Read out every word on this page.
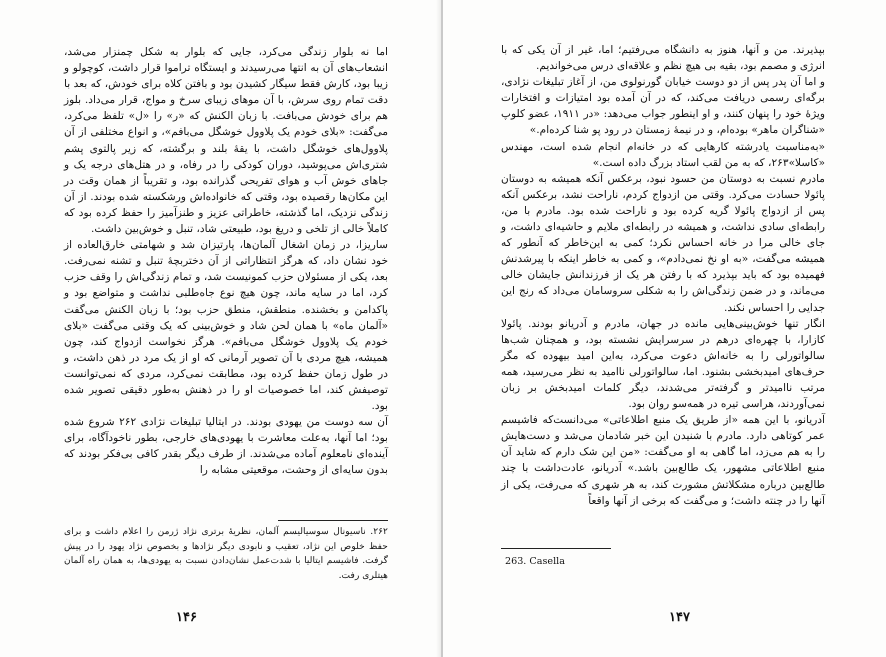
اما نه بلوار زندگی می‌کرد، جایی که بلوار به شکل چمنزار می‌شد، انشعاب‌های آن به انتها می‌رسیدند و ایستگاه تراموا قرار داشت، کوچولو و زیبا بود، کارش فقط سیگار کشیدن بود و بافتن کلاه برای خودش، که بعد با دقت تمام روی سرش، با آن موهای زیبای سرخ و مواج، قرار می‌داد. بلوز هم برای خودش می‌بافت. با زبان الکنش که «ر» را «ل» تلفظ می‌کرد، می‌گفت: «بلای خودم یک پلاوول خوشگل می‌بافم»، و انواع مختلفی از آن پلاوول‌های خوشگل داشت، با یقهٔ بلند و برگشته، که زیر پالتوی پشم شتری‌اش می‌پوشید، دوران کودکی را در رفاه، و در هتل‌های درجه یک و جاهای خوش آب و هوای تفریحی گذرانده بود، و تقریباً از همان وقت در این مکان‌ها رقصیده بود، وقتی که خانواده‌اش ورشکسته شده بودند. از آن زندگی نزدیک، اما گذشته، خاطراتی عزیز و طنزآمیز را حفظ کرده بود که کاملاً خالی از تلخی و دریغ بود، طبیعتی شاد، تنبل و خوش‌بین داشت.

ساریزا، در زمان اشغال آلمان‌ها، پارتیزان شد و شهامتی خارق‌العاده از خود نشان داد، که هرگز انتظاراتی از آن دختربچهٔ تنبل و تشنه نمی‌رفت. بعد، یکی از مسئولان حزب کمونیست شد، و تمام زندگی‌اش را وقف حزب کرد، اما در سایه ماند، چون هیچ نوع جاه‌طلبی نداشت و متواضع بود و پاکدامن و بخشنده. منطقش، منطق حزب بود؛ با زبان الکنش می‌گفت «آلمان ماه» با همان لحن شاد و خوش‌بینی که یک وقتی می‌گفت «بلای خودم یک پلاوول خوشگل می‌بافم». هرگز نخواست ازدواج کند، چون همیشه، هیچ مردی با آن تصویر آرمانی که او از یک مرد در ذهن داشت، و در طول زمان حفظ کرده بود، مطابقت نمی‌کرد، مردی که نمی‌توانست توصیفش کند، اما خصوصیات او را در ذهنش به‌طور دقیقی تصویر شده بود.

آن سه دوست من یهودی بودند. در ایتالیا تبلیغات نژادی ۲۶۲ شروع شده بود؛ اما آنها، به‌علت معاشرت با یهودی‌های خارجی، بطور ناخودآگاه، برای آینده‌ای نامعلوم آماده می‌شدند. از طرف دیگر بقدر کافی بی‌فکر بودند که بدون سایه‌ای از وحشت، موقعیتی مشابه را

۲۶۲. ناسیونال سوسیالیسم آلمان، نظریهٔ برتری نژاد ژرمن را اعلام داشت و برای حفظ خلوص این نژاد، تعقیب و نابودی دیگر نژادها و بخصوص نژاد یهود را در پیش گرفت. فاشیسم ایتالیا با شدت‌عمل نشان‌دادن نسبت به یهودی‌ها، به همان راه آلمان هیتلری رفت.
۱۴۶

بپذیرند. من و آنها، هنوز به دانشگاه می‌رفتیم؛ اما، غیر از آن یکی که با انرژی و مصمم بود، بقیه بی هیچ نظم و علاقه‌ای درس می‌خواندیم.

و اما آن پدر پس از دو دوست خیابان گورنولوی من، از آغاز تبلیغات نژادی، برگه‌ای رسمی دریافت می‌کند، که در آن آمده بود امتیازات و افتخارات ویژهٔ خود را پنهان کنند، و او اینطور جواب می‌دهد: «در ۱۹۱۱، عضو کلوپ «شناگران ماهر» بوده‌ام، و در نیمهٔ زمستان در رود پو شنا کرده‌ام.»

«به‌مناسبت یادرشته کارهایی که در خانه‌ام انجام شده است، مهندس «کاسلا»۲۶۳، که به من لقب استاد بزرگ داده است.»

مادرم نسبت به دوستان من حسود نبود، برعکس آنکه همیشه به دوستان پائولا حسادت می‌کرد. وقتی من ازدواج کردم، ناراحت نشد، برعکس آنکه پس از ازدواج پائولا گریه کرده بود و ناراحت شده بود. مادرم با من، رابطه‌ای سادی نداشت، و همیشه در رابطه‌ای ملایم و حاشیه‌ای داشت، و جای خالی مرا در خانه احساس نکرد؛ کمی به این‌خاطر که آنطور که همیشه می‌گفت، «به او نخ نمی‌دادم»، و کمی به خاطر اینکه با پیرشدنش فهمیده بود که باید بپذیرد که با رفتن هر یک از فرزندانش جایشان خالی می‌ماند، و در ضمن زندگی‌اش را به شکلی سروسامان می‌داد که رنج این جدایی را احساس نکند.

انگار تنها خوش‌بینی‌هایی مانده در جهان، مادرم و آدریانو بودند. پائولا کازارا، با چهره‌ای درهم در سرسرایش نشسته بود، و همچنان شب‌ها سالواتورلی را به خانه‌اش دعوت می‌کرد، به‌این امید بیهوده که مگر حرف‌های امیدبخشی بشنود. اما، سالواتورلی ناامید به نظر می‌رسید، همه مرتب ناامیدتر و گرفته‌تر می‌شدند، دیگر کلمات امیدبخش بر زبان نمی‌آوردند، هراسی تیره در همه‌سو روان بود.

آدریانو، با این همه «از طریق یک منبع اطلاعاتی» می‌دانست‌که فاشیسم عمر کوتاهی دارد. مادرم با شنیدن این خبر شادمان می‌شد و دست‌هایش را به هم می‌زد، اما گاهی به او می‌گفت: «من این شک دارم که شاید آن منبع اطلاعاتی مشهور، یک طالع‌بین باشد.» آدریانو، عادت‌داشت با چند طالع‌بین درباره مشکلاتش مشورت کند، به هر شهری که می‌رفت، یکی از آنها را در چنته داشت؛ و می‌گفت که برخی از آنها واقعاً

263. Casella
۱۴۷
